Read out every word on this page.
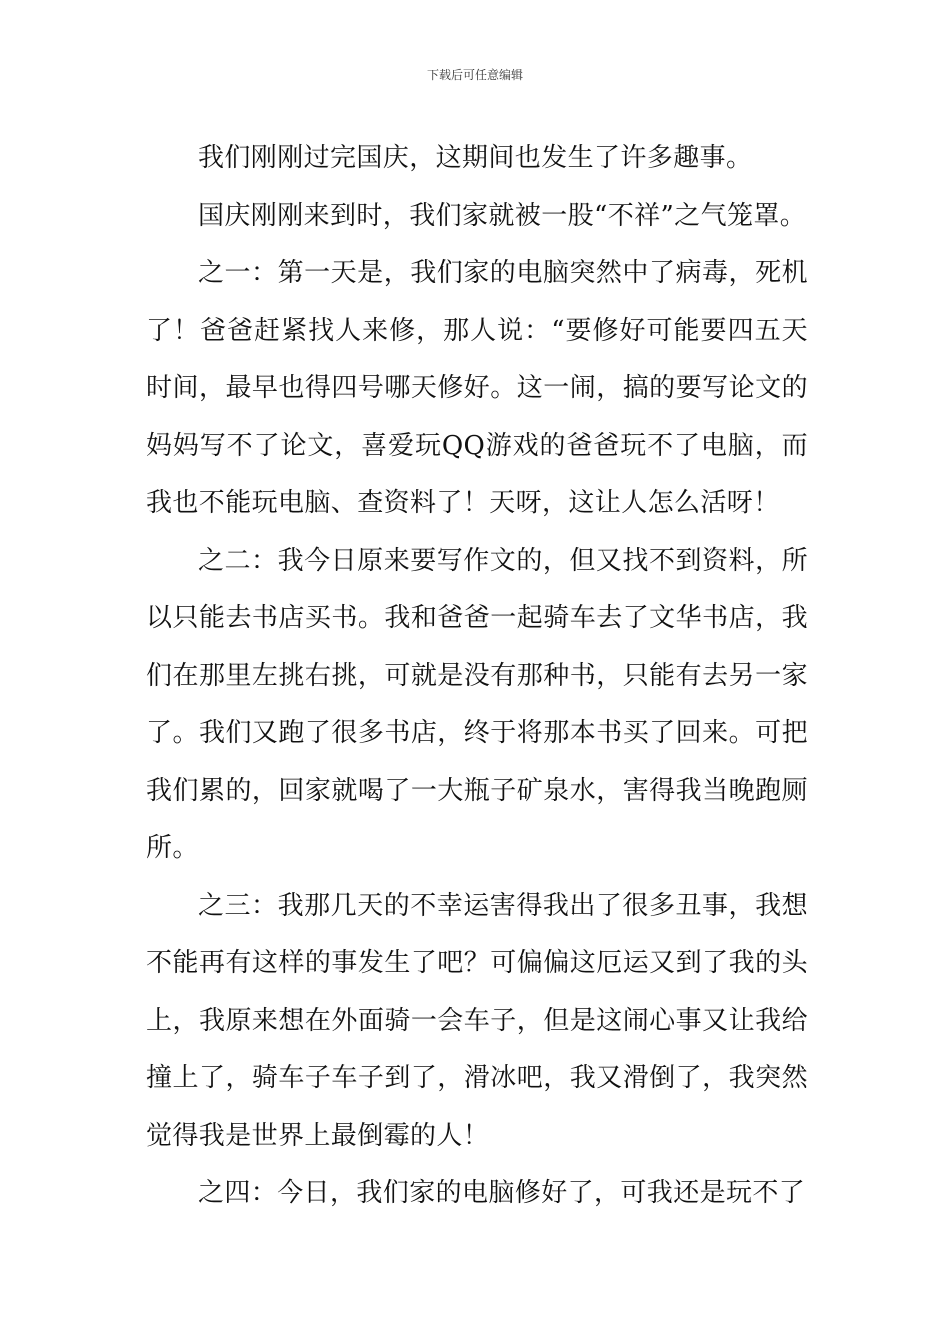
下载后可任意编辑

我们刚刚过完国庆，这期间也发生了许多趣事。

国庆刚刚来到时，我们家就被一股“不祥”之气笼罩。

之一：第一天是，我们家的电脑突然中了病毒，死机了！爸爸赶紧找人来修，那人说：“要修好可能要四五天时间，最早也得四号哪天修好。这一闹，搞的要写论文的妈妈写不了论文，喜爱玩QQ游戏的爸爸玩不了电脑，而我也不能玩电脑、查资料了！天呀，这让人怎么活呀！

之二：我今日原来要写作文的，但又找不到资料，所以只能去书店买书。我和爸爸一起骑车去了文华书店，我们在那里左挑右挑，可就是没有那种书，只能有去另一家了。我们又跑了很多书店，终于将那本书买了回来。可把我们累的，回家就喝了一大瓶子矿泉水，害得我当晚跑厕所。

之三：我那几天的不幸运害得我出了很多丑事，我想不能再有这样的事发生了吧？可偏偏这厄运又到了我的头上，我原来想在外面骑一会车子，但是这闹心事又让我给撞上了，骑车子车子到了，滑冰吧，我又滑倒了，我突然觉得我是世界上最倒霉的人！

之四：今日，我们家的电脑修好了，可我还是玩不了
